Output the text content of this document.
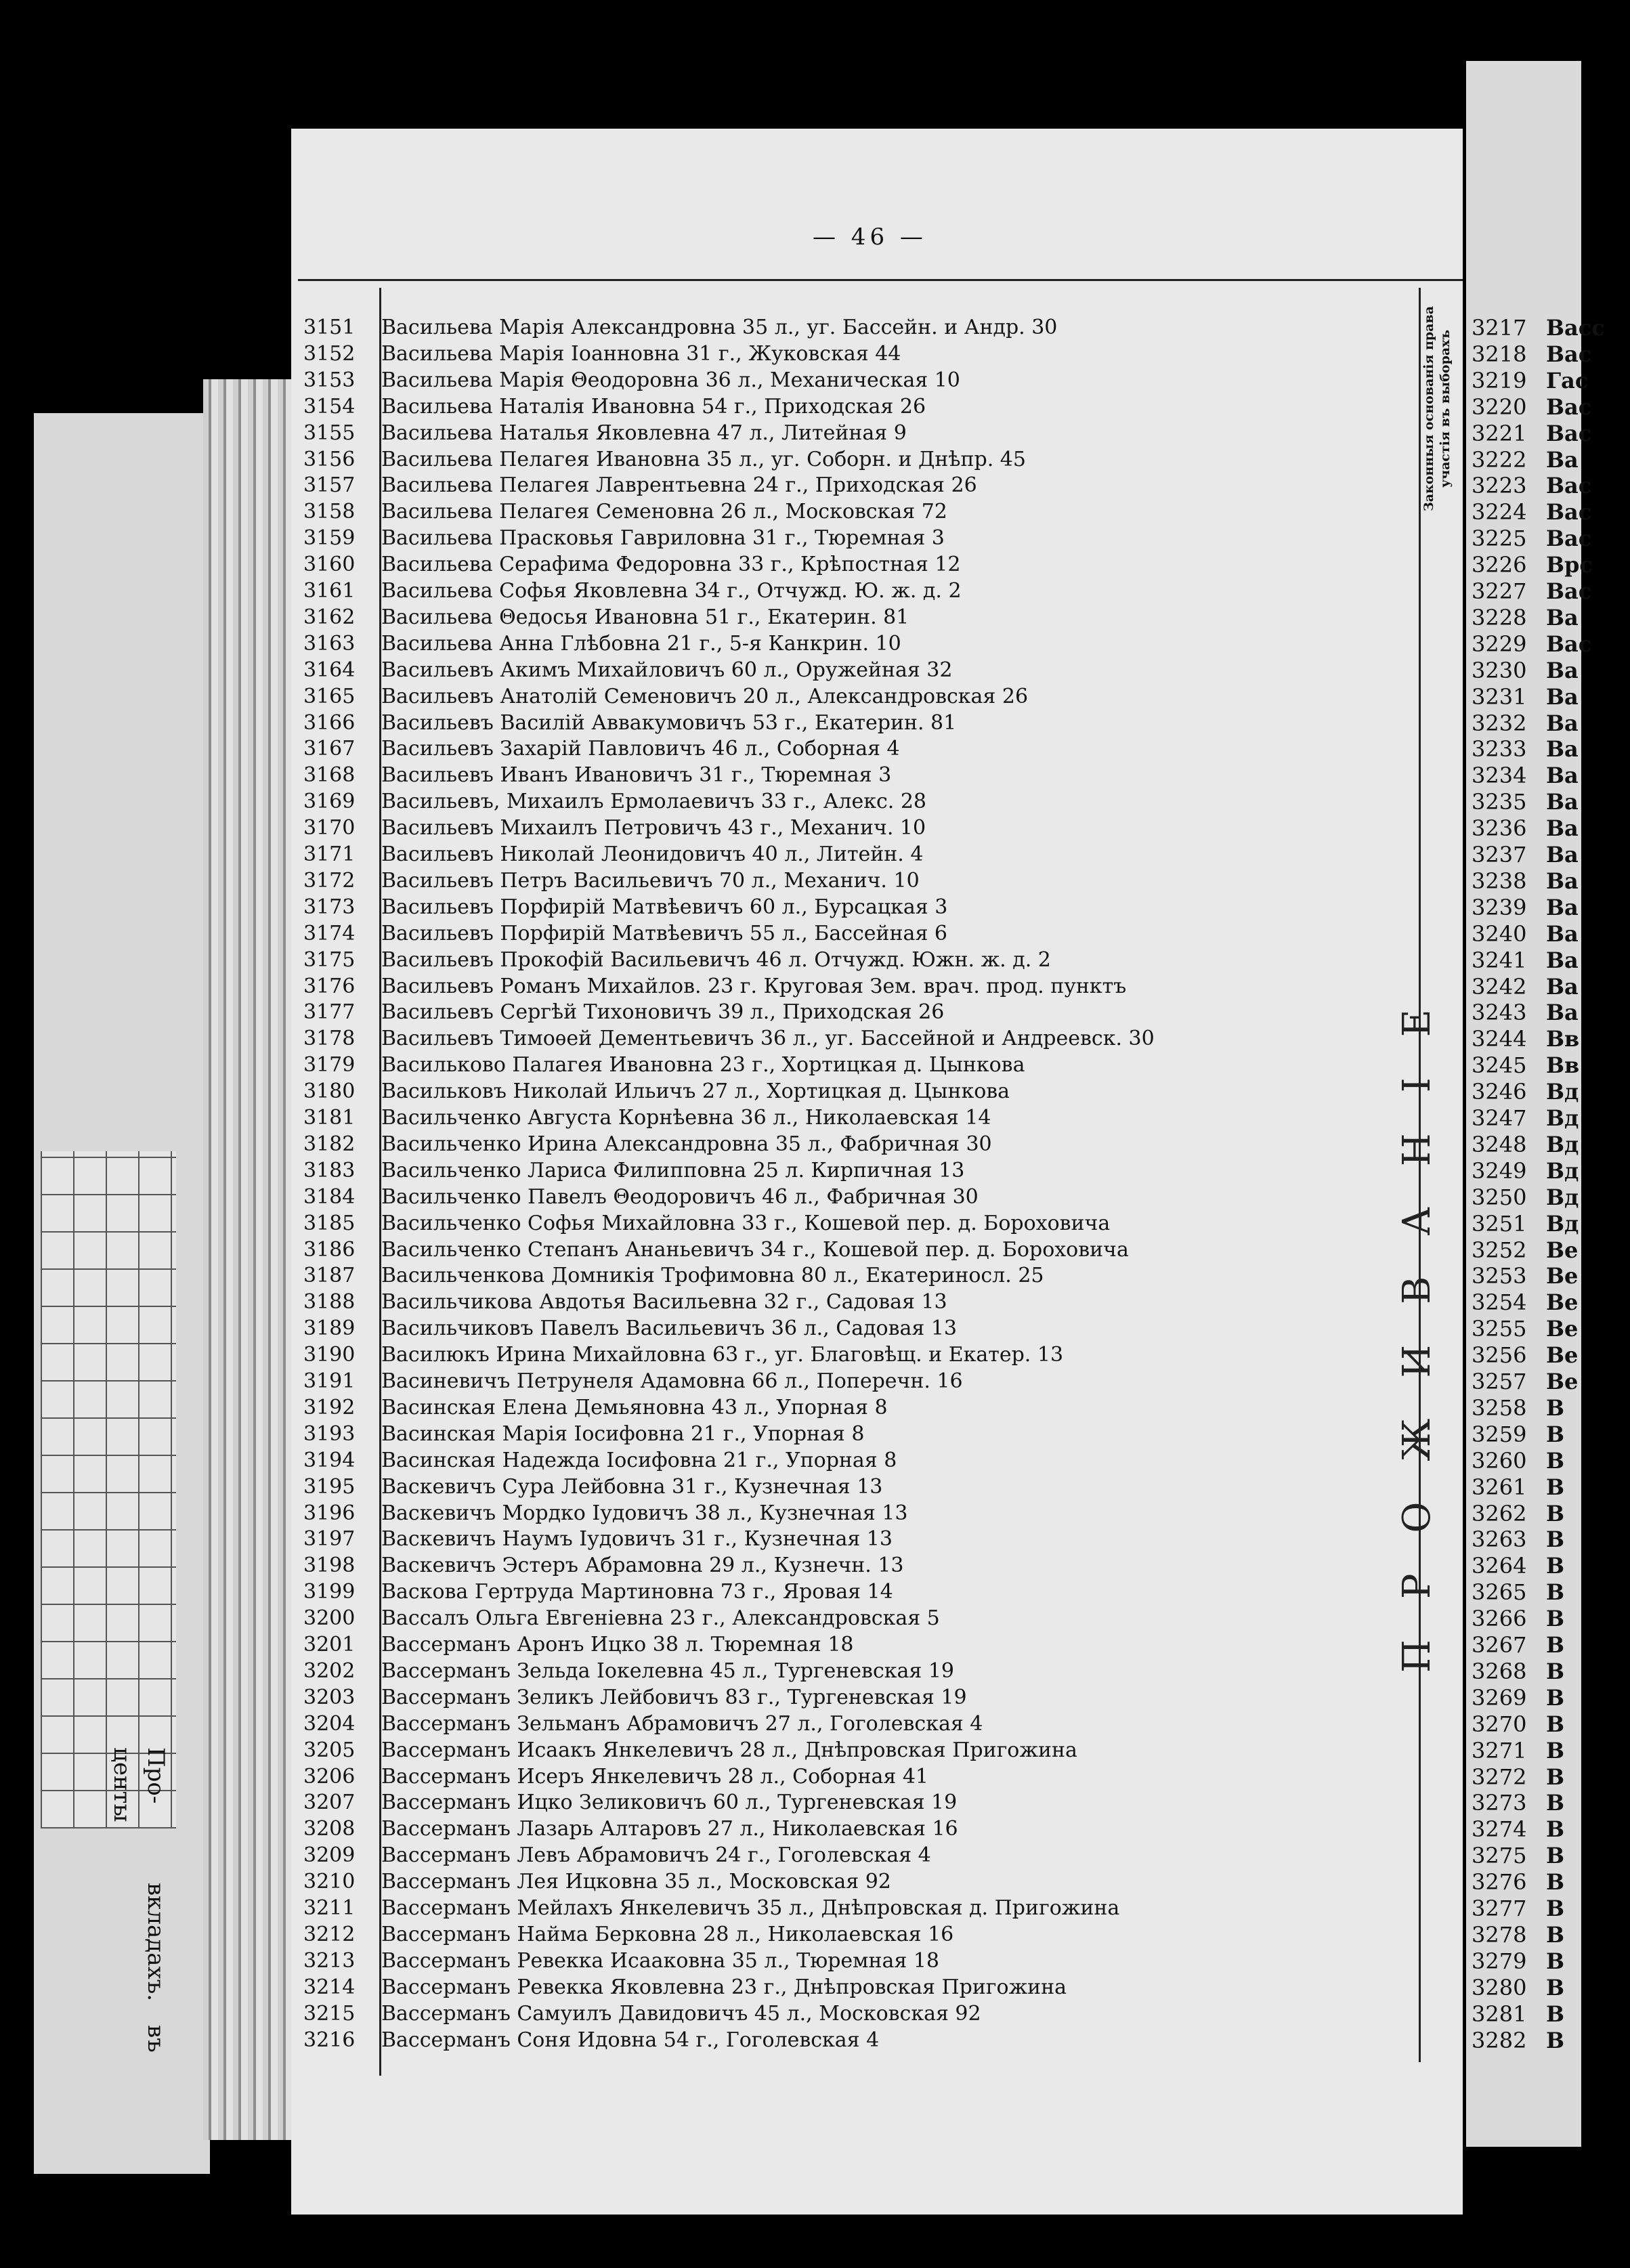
Про-
центы
вкладахъ.
въ
— 46 —
3151 Васильева Марія Александровна 35 л., уг. Бассейн. и Андр. 30
3152 Васильева Марія Іоанновна 31 г., Жуковская 44
3153 Васильева Марія Θеодоровна 36 л., Механическая 10
3154 Васильева Наталія Ивановна 54 г., Приходская 26
3155 Васильева Наталья Яковлевна 47 л., Литейная 9
3156 Васильева Пелагея Ивановна 35 л., уг. Соборн. и Днѣпр. 45
3157 Васильева Пелагея Лаврентьевна 24 г., Приходская 26
3158 Васильева Пелагея Семеновна 26 л., Московская 72
3159 Васильева Прасковья Гавриловна 31 г., Тюремная 3
3160 Васильева Серафима Федоровна 33 г., Крѣпостная 12
3161 Васильева Софья Яковлевна 34 г., Отчужд. Ю. ж. д. 2
3162 Васильева Θедосья Ивановна 51 г., Екатерин. 81
3163 Васильева Анна Глѣбовна 21 г., 5-я Канкрин. 10
3164 Васильевъ Акимъ Михайловичъ 60 л., Оружейная 32
3165 Васильевъ Анатолій Семеновичъ 20 л., Александровская 26
3166 Васильевъ Василій Аввакумовичъ 53 г., Екатерин. 81
3167 Васильевъ Захарій Павловичъ 46 л., Соборная 4
3168 Васильевъ Иванъ Ивановичъ 31 г., Тюремная 3
3169 Васильевъ, Михаилъ Ермолаевичъ 33 г., Алекс. 28
3170 Васильевъ Михаилъ Петровичъ 43 г., Механич. 10
3171 Васильевъ Николай Леонидовичъ 40 л., Литейн. 4
3172 Васильевъ Петръ Васильевичъ 70 л., Механич. 10
3173 Васильевъ Порфирій Матвѣевичъ 60 л., Бурсацкая 3
3174 Васильевъ Порфирій Матвѣевичъ 55 л., Бассейная 6
3175 Васильевъ Прокофій Васильевичъ 46 л. Отчужд. Южн. ж. д. 2
3176 Васильевъ Романъ Михайлов. 23 г. Круговая Зем. врач. прод. пунктъ
3177 Васильевъ Сергѣй Тихоновичъ 39 л., Приходская 26
3178 Васильевъ Тимоѳей Дементьевичъ 36 л., уг. Бассейной и Андреевск. 30
3179 Васильково Палагея Ивановна 23 г., Хортицкая д. Цынкова
3180 Васильковъ Николай Ильичъ 27 л., Хортицкая д. Цынкова
3181 Васильченко Августа Корнѣевна 36 л., Николаевская 14
3182 Васильченко Ирина Александровна 35 л., Фабричная 30
3183 Васильченко Лариса Филипповна 25 л. Кирпичная 13
3184 Васильченко Павелъ Θеодоровичъ 46 л., Фабричная 30
3185 Васильченко Софья Михайловна 33 г., Кошевой пер. д. Бороховича
3186 Васильченко Степанъ Ананьевичъ 34 г., Кошевой пер. д. Бороховича
3187 Васильченкова Домникія Трофимовна 80 л., Екатериносл. 25
3188 Васильчикова Авдотья Васильевна 32 г., Садовая 13
3189 Васильчиковъ Павелъ Васильевичъ 36 л., Садовая 13
3190 Василюкъ Ирина Михайловна 63 г., уг. Благовѣщ. и Екатер. 13
3191 Васиневичъ Петрунеля Адамовна 66 л., Поперечн. 16
3192 Васинская Елена Демьяновна 43 л., Упорная 8
3193 Васинская Марія Іосифовна 21 г., Упорная 8
3194 Васинская Надежда Іосифовна 21 г., Упорная 8
3195 Васкевичъ Сура Лейбовна 31 г., Кузнечная 13
3196 Васкевичъ Мордко Іудовичъ 38 л., Кузнечная 13
3197 Васкевичъ Наумъ Іудовичъ 31 г., Кузнечная 13
3198 Васкевичъ Эстеръ Абрамовна 29 л., Кузнечн. 13
3199 Васкова Гертруда Мартиновна 73 г., Яровая 14
3200 Вассалъ Ольга Евгеніевна 23 г., Александровская 5
3201 Вассерманъ Аронъ Ицко 38 л. Тюремная 18
3202 Вассерманъ Зельда Іокелевна 45 л., Тургеневская 19
3203 Вассерманъ Зеликъ Лейбовичъ 83 г., Тургеневская 19
3204 Вассерманъ Зельманъ Абрамовичъ 27 л., Гоголевская 4
3205 Вассерманъ Исаакъ Янкелевичъ 28 л., Днѣпровская Пригожина
3206 Вассерманъ Исеръ Янкелевичъ 28 л., Соборная 41
3207 Вассерманъ Ицко Зеликовичъ 60 л., Тургеневская 19
3208 Вассерманъ Лазарь Алтаровъ 27 л., Николаевская 16
3209 Вассерманъ Левъ Абрамовичъ 24 г., Гоголевская 4
3210 Вассерманъ Лея Ицковна 35 л., Московская 92
3211 Вассерманъ Мейлахъ Янкелевичъ 35 л., Днѣпровская д. Пригожина
3212 Вассерманъ Найма Берковна 28 л., Николаевская 16
3213 Вассерманъ Ревекка Исааковна 35 л., Тюремная 18
3214 Вассерманъ Ревекка Яковлевна 23 г., Днѣпровская Пригожина
3215 Вассерманъ Самуилъ Давидовичъ 45 л., Московская 92
3216 Вассерманъ Соня Идовна 54 г., Гоголевская 4
Законныя основанія права участія въ выборахъ
ПРОЖИВАНІЕ
3217 Васс
3218 Вас
3219 Гас
3220 Вас
3221 Вас
3222 Ва
3223 Вас
3224 Вас
3225 Вас
3226 Врс
3227 Вас
3228 Ва
3229 Вас
3230 Ва
3231 Ва
3232 Ва
3233 Ва
3234 Ва
3235 Ва
3236 Ва
3237 Ва
3238 Ва
3239 Ва
3240 Ва
3241 Ва
3242 Ва
3243 Ва
3244 Вв
3245 Вв
3246 Вд
3247 Вд
3248 Вд
3249 Вд
3250 Вд
3251 Вд
3252 Ве
3253 Ве
3254 Ве
3255 Ве
3256 Ве
3257 Ве
3258 В
3259 В
3260 В
3261 В
3262 В
3263 В
3264 В
3265 В
3266 В
3267 В
3268 В
3269 В
3270 В
3271 В
3272 В
3273 В
3274 В
3275 В
3276 В
3277 В
3278 В
3279 В
3280 В
3281 В
3282 В
